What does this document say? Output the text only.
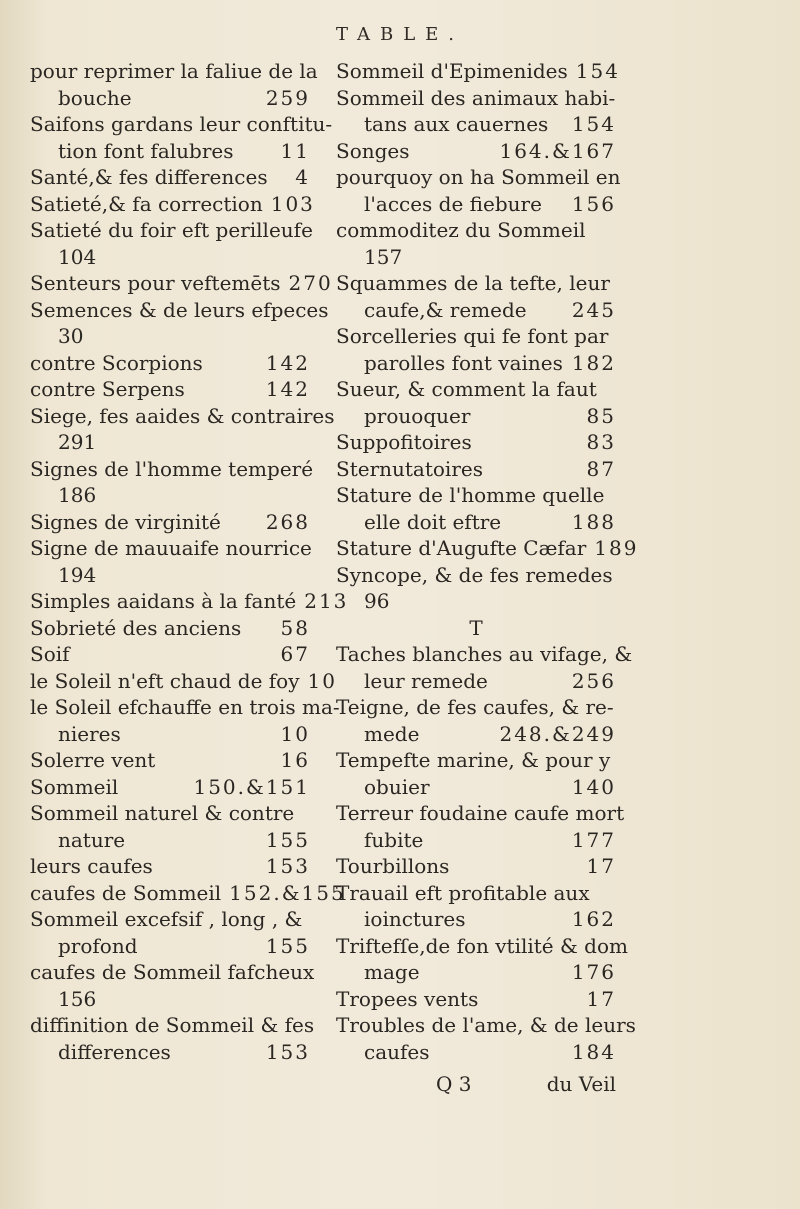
TABLE.
pour reprimer la faliue de la
bouche	259
Saifons gardans leur conftitu-
tion font falubres	11
Santé,& fes differences	4
Satieté,& fa correction 103
Satieté du foir eft perilleufe
104
Senteurs pour veftemēts 270
Semences & de leurs efpeces
30
contre Scorpions	142
contre Serpens	142
Siege, fes aaides & contraires
291
Signes de l'homme temperé
186
Signes de virginité	268
Signe de mauuaife nourrice
194
Simples aaidans à la fanté 213
Sobrieté des anciens	58
Soif	67
le Soleil n'eft chaud de foy 10
le Soleil efchauffe en trois ma-
nieres	10
Solerre vent	16
Sommeil	150.&151
Sommeil naturel & contre
nature	155
leurs caufes	153
caufes de Sommeil 152.&155
Sommeil excefsif , long , &
profond	155
caufes de Sommeil fafcheux
156
diffinition de Sommeil & fes
differences	153
Sommeil d'Epimenides 154
Sommeil des animaux habi-
tans aux cauernes	154
Songes	164.&167
pourquoy on ha Sommeil en
l'acces de fiebure	156
commoditez du Sommeil
157
Squammes de la tefte, leur
caufe,& remede	245
Sorcelleries qui fe font par
parolles font vaines 182
Sueur, & comment la faut
prouoquer	85
Suppofitoires	83
Sternutatoires	87
Stature de l'homme quelle
elle doit eftre	188
Stature d'Augufte Cæfar 189
Syncope, & de fes remedes
96
T
Taches blanches au vifage, &
leur remede	256
Teigne, de fes caufes, & re-
mede	248.&249
Tempefte marine, & pour y
obuier	140
Terreur foudaine caufe mort
fubite	177
Tourbillons	17
Trauail eft profitable aux
ioinctures	162
Triftefſe,de fon vtilité & dom
mage	176
Tropees vents	17
Troubles de l'ame, & de leurs
caufes	184
Q 3	du Veil
